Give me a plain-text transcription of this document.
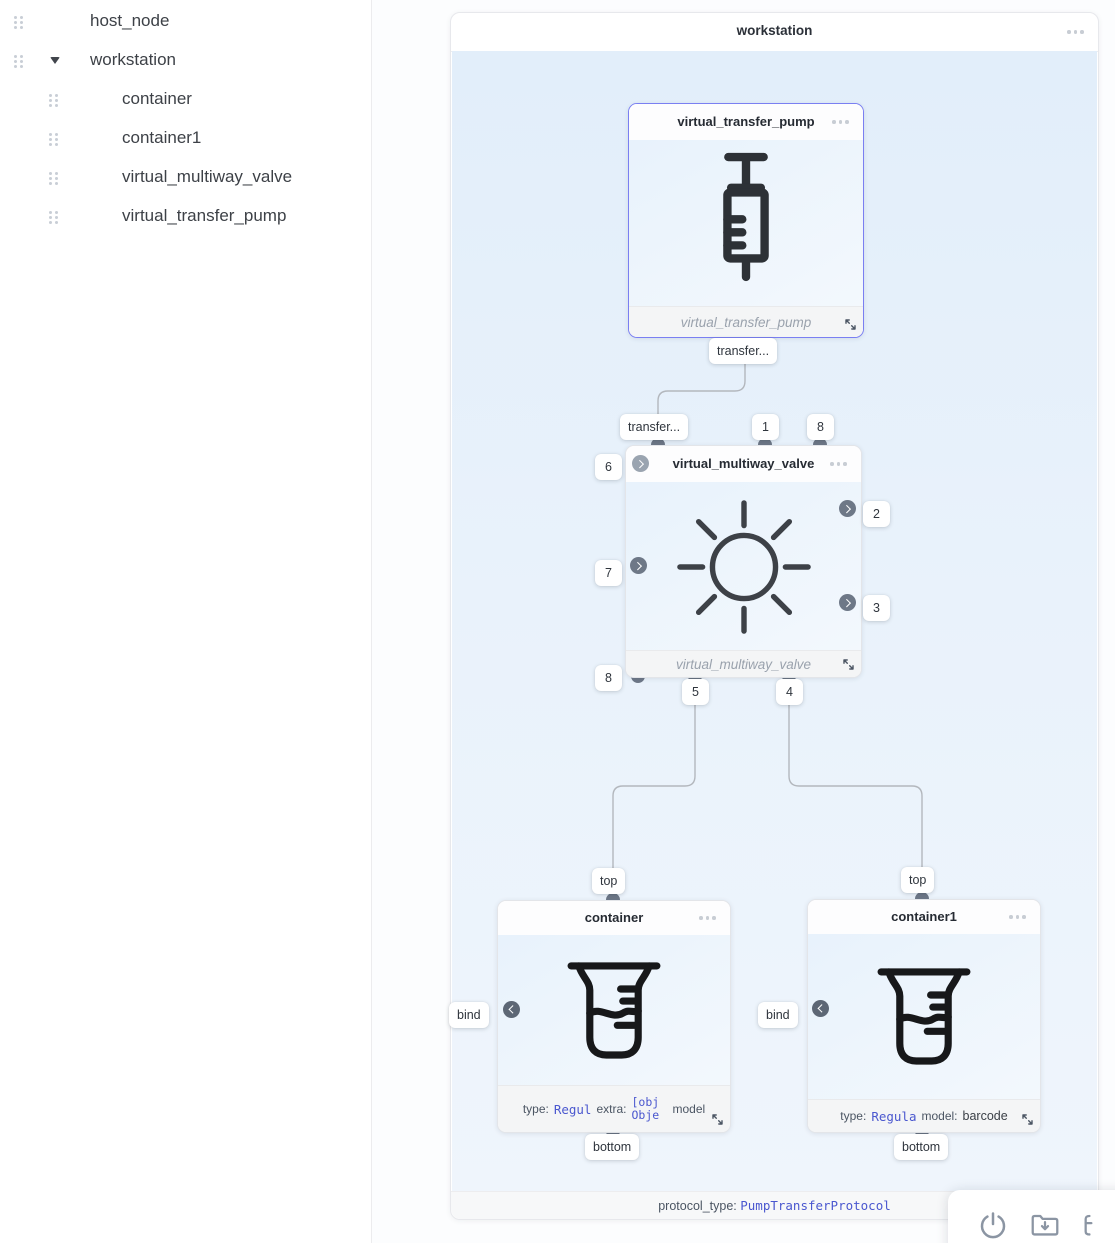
host_node
workstation
container
container1
virtual_multiway_valve
virtual_transfer_pump
workstation
protocol_type: PumpTransferProtocol
virtual_transfer_pump
virtual_transfer_pump
transfer...
virtual_multiway_valve
virtual_multiway_valve
transfer...	1	8
6
7
8
2
3
5	4
container
type: Regul extra:
[obj Obje	model
top
bind
bottom
container1
type: Regula model: barcode
top
bind
bottom
